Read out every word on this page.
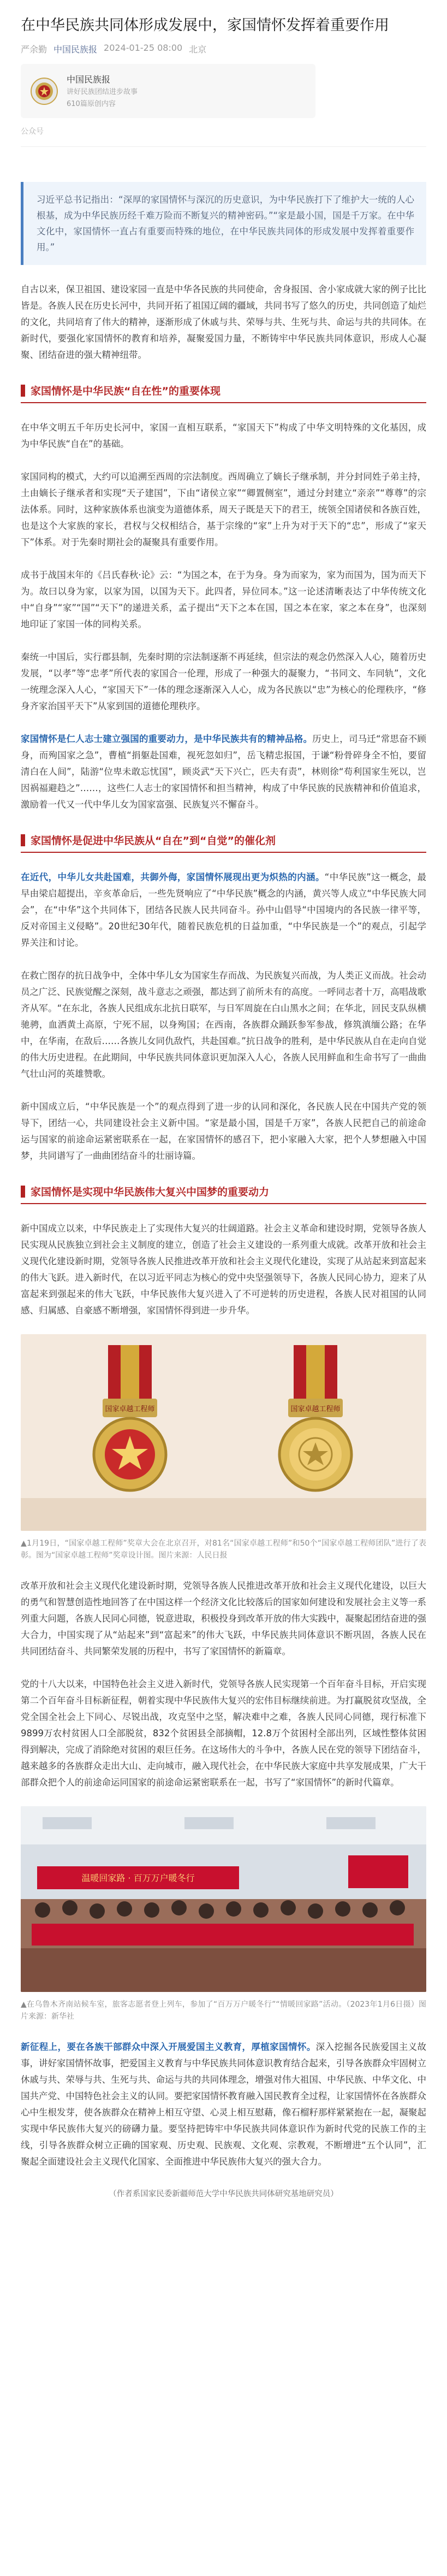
在中华民族共同体形成发展中，家国情怀发挥着重要作用
严余勤 中国民族报 2024-01-25 08:00 北京
中国民族报
讲好民族团结进步故事
610篇原创内容
公众号
习近平总书记指出：“深厚的家国情怀与深沉的历史意识，为中华民族打下了维护大一统的人心根基，成为中华民族历经千难万险而不断复兴的精神密码。”“家是最小国，国是千万家。在中华文化中，家国情怀一直占有重要而特殊的地位，在中华民族共同体的形成发展中发挥着重要作用。”

自古以来，保卫祖国、建设家园一直是中华各民族的共同使命，舍身报国、舍小家成就大家的例子比比皆是。各族人民在历史长河中，共同开拓了祖国辽阔的疆域，共同书写了悠久的历史，共同创造了灿烂的文化，共同培育了伟大的精神，逐渐形成了休戚与共、荣辱与共、生死与共、命运与共的共同体。在新时代，要强化家国情怀的教育和培养，凝聚爱国力量，不断铸牢中华民族共同体意识，形成人心凝聚、团结奋进的强大精神纽带。

家国情怀是中华民族“自在性”的重要体现

在中华文明五千年历史长河中，家国一直相互联系，“家国天下”构成了中华文明特殊的文化基因，成为中华民族“自在”的基础。

家国同构的模式，大约可以追溯至西周的宗法制度。西周确立了嫡长子继承制，并分封同姓子弟主持，土由嫡长子继承者和实现“天子建国”，下由“诸侯立家”“卿置侧室”，通过分封建立“亲亲”“尊尊”的宗法体系。同时，这种家族体系也演变为道德体系，周天子既是天下的君王，统领全国诸侯和各族百姓，也是这个大家族的家长，君权与父权相结合，基于宗缘的“家”上升为对于天下的“忠”，形成了“家天下”体系。对于先秦时期社会的凝聚具有重要作用。

成书于战国末年的《吕氏春秋·论》云：“为国之本，在于为身。身为而家为，家为而国为，国为而天下为。故曰以身为家，以家为国，以国为天下。此四者，异位同本。”这一论述清晰表达了中华传统文化中“自身”“家”“国”“天下”的递进关系，孟子提出“天下之本在国，国之本在家，家之本在身”，也深刻地印证了家国一体的同构关系。

秦统一中国后，实行郡县制，先秦时期的宗法制逐渐不再延续，但宗法的观念仍然深入人心，随着历史发展，“以孝”等“忠孝”所代表的家国合一伦理，形成了一种强大的凝聚力，“书同文、车同轨”，文化一统理念深入人心，“家国天下”一体的理念逐渐深入人心，成为各民族以“忠”为核心的伦理秩序，“修身齐家治国平天下”从家到国的道德伦理秩序。

家国情怀是仁人志士建立强国的重要动力，是中华民族共有的精神品格。历史上，司马迁“常思奋不顾身，而殉国家之急”，曹植“捐躯赴国难，视死忽如归”，岳飞精忠报国，于谦“粉骨碎身全不怕，要留清白在人间”，陆游“位卑未敢忘忧国”，顾炎武“天下兴亡，匹夫有责”，林则徐“苟利国家生死以，岂因祸福避趋之”……，这些仁人志士的家国情怀和担当精神，构成了中华民族的民族精神和价值追求，激励着一代又一代中华儿女为国家富强、民族复兴不懈奋斗。

家国情怀是促进中华民族从“自在”到“自觉”的催化剂

在近代，中华儿女共赴国难，共御外侮，家国情怀展现出更为炽热的内涵。“中华民族”这一概念，最早由梁启超提出，辛亥革命后，一些先贤响应了“中华民族”概念的内涵，黄兴等人成立“中华民族大同会”，在“中华”这个共同体下，团结各民族人民共同奋斗。孙中山倡导“中国境内的各民族一律平等，反对帝国主义侵略”。20世纪30年代，随着民族危机的日益加重，“中华民族是一个”的观点，引起学界关注和讨论。

在救亡图存的抗日战争中，全体中华儿女为国家生存而战、为民族复兴而战，为人类正义而战。社会动员之广泛、民族觉醒之深刻，战斗意志之顽强，都达到了前所未有的高度。一呼同志者十万，高唱战歌齐从军。“在东北，各族人民组成东北抗日联军，与日军周旋在白山黑水之间；在华北，回民支队纵横驰骋，血洒黄土高原，宁死不屈，以身殉国；在西南，各族群众踊跃参军参战，修筑滇缅公路；在华中，在华南，在敌后……各族儿女同仇敌忾，共赴国难。”抗日战争的胜利，是中华民族从自在走向自觉的伟大历史进程。在此期间，中华民族共同体意识更加深入人心，各族人民用鲜血和生命书写了一曲曲气壮山河的英雄赞歌。

新中国成立后，“中华民族是一个”的观点得到了进一步的认同和深化，各民族人民在中国共产党的领导下，团结一心，共同建设社会主义新中国。“家是最小国，国是千万家”，各族人民把自己的前途命运与国家的前途命运紧密联系在一起，在家国情怀的感召下，把小家融入大家，把个人梦想融入中国梦，共同谱写了一曲曲团结奋斗的壮丽诗篇。

家国情怀是实现中华民族伟大复兴中国梦的重要动力

新中国成立以来，中华民族走上了实现伟大复兴的壮阔道路。社会主义革命和建设时期，党领导各族人民实现从民族独立到社会主义制度的建立，创造了社会主义建设的一系列重大成就。改革开放和社会主义现代化建设新时期，党领导各族人民推进改革开放和社会主义现代化建设，实现了从站起来到富起来的伟大飞跃。进入新时代，在以习近平同志为核心的党中央坚强领导下，各族人民同心协力，迎来了从富起来到强起来的伟大飞跃，中华民族伟大复兴进入了不可逆转的历史进程，各族人民对祖国的认同感、归属感、自豪感不断增强，家国情怀得到进一步升华。

国家卓越工程师	国家卓越工程师

▲1月19日，“国家卓越工程师”奖章大会在北京召开，对81名“国家卓越工程师”和50个“国家卓越工程师团队”进行了表彰。图为“国家卓越工程师”奖章设计图。图片来源：人民日报

改革开放和社会主义现代化建设新时期，党领导各族人民推进改革开放和社会主义现代化建设，以巨大的勇气和智慧创造性地回答了在中国这样一个经济文化比较落后的国家如何建设和发展社会主义等一系列重大问题，各族人民同心同德，锐意进取，积极投身到改革开放的伟大实践中，凝聚起团结奋进的强大合力，中国实现了从“站起来”到“富起来”的伟大飞跃，中华民族共同体意识不断巩固，各族人民在共同团结奋斗、共同繁荣发展的历程中，书写了家国情怀的新篇章。

党的十八大以来，中国特色社会主义进入新时代，党领导各族人民实现第一个百年奋斗目标，开启实现第二个百年奋斗目标新征程，朝着实现中华民族伟大复兴的宏伟目标继续前进。为打赢脱贫攻坚战，全党全国全社会上下同心、尽锐出战，攻克坚中之坚，解决难中之难，各族人民同心同德，现行标准下9899万农村贫困人口全部脱贫，832个贫困县全部摘帽，12.8万个贫困村全部出列，区域性整体贫困得到解决，完成了消除绝对贫困的艰巨任务。在这场伟大的斗争中，各族人民在党的领导下团结奋斗，越来越多的各族群众走出大山、走向城市，融入现代社会，在中华民族大家庭中共享发展成果，广大干部群众把个人的前途命运同国家的前途命运紧密联系在一起，书写了“家国情怀”的新时代篇章。

温暖回家路 · 百万万户暖冬行

▲在乌鲁木齐南站候车室，旅客志愿者登上列车，参加了“百万万户暖冬行”“情暖回家路”活动。（2023年1月6日摄）图片来源：新华社

新征程上，要在各族干部群众中深入开展爱国主义教育，厚植家国情怀。深入挖掘各民族爱国主义故事，讲好家国情怀故事，把爱国主义教育与中华民族共同体意识教育结合起来，引导各族群众牢固树立休戚与共、荣辱与共、生死与共、命运与共的共同体理念，增强对伟大祖国、中华民族、中华文化、中国共产党、中国特色社会主义的认同。要把家国情怀教育融入国民教育全过程，让家国情怀在各族群众心中生根发芽，使各族群众在精神上相互守望、心灵上相互慰藉，像石榴籽那样紧紧抱在一起，凝聚起实现中华民族伟大复兴的磅礴力量。要坚持把铸牢中华民族共同体意识作为新时代党的民族工作的主线，引导各族群众树立正确的国家观、历史观、民族观、文化观、宗教观，不断增进“五个认同”，汇聚起全面建设社会主义现代化国家、全面推进中华民族伟大复兴的强大合力。

（作者系国家民委新疆师范大学中华民族共同体研究基地研究员）
